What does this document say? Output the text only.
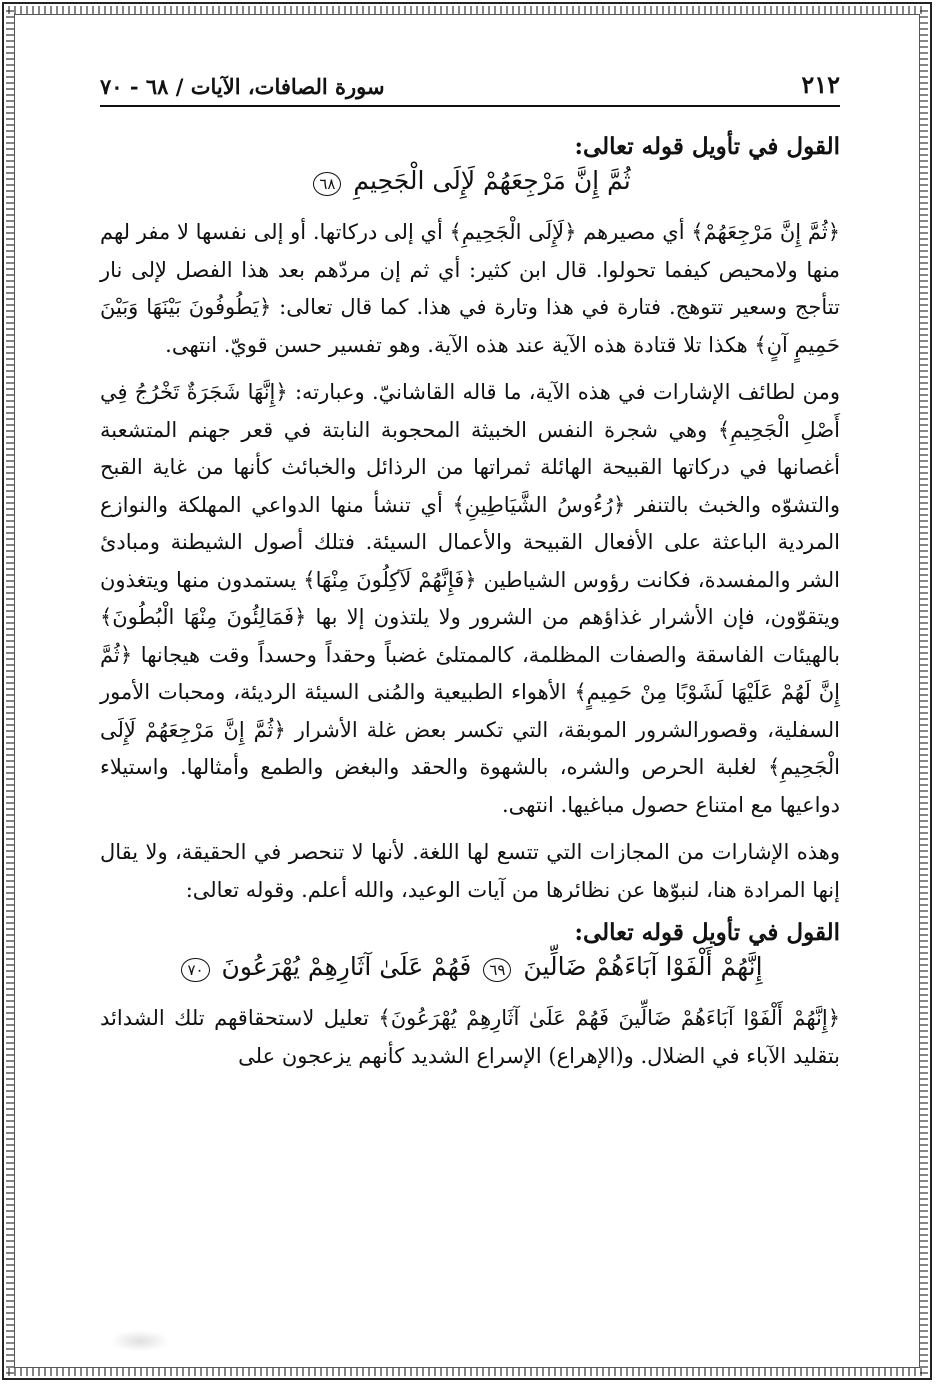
٢١٢
سورة الصافات، الآيات / ٦٨ - ٧٠
القول في تأويل قوله تعالى:
ثُمَّ إِنَّ مَرْجِعَهُمْ لَإِلَى الْجَحِيمِ ٦٨

﴿ثُمَّ إِنَّ مَرْجِعَهُمْ﴾ أي مصيرهم ﴿لَإِلَى الْجَحِيمِ﴾ أي إلى دركاتها. أو إلى نفسها لا مفر لهم منها ولامحيص كيفما تحولوا. قال ابن كثير: أي ثم إن مردّهم بعد هذا الفصل لإلى نار تتأجج وسعير تتوهج. فتارة في هذا وتارة في هذا. كما قال تعالى: ﴿يَطُوفُونَ بَيْنَهَا وَبَيْنَ حَمِيمٍ آنٍ﴾ هكذا تلا قتادة هذه الآية عند هذه الآية. وهو تفسير حسن قويّ. انتهى.

ومن لطائف الإشارات في هذه الآية، ما قاله القاشانيّ. وعبارته: ﴿إِنَّهَا شَجَرَةٌ تَخْرُجُ فِي أَصْلِ الْجَحِيمِ﴾ وهي شجرة النفس الخبيثة المحجوبة النابتة في قعر جهنم المتشعبة أغصانها في دركاتها القبيحة الهائلة ثمراتها من الرذائل والخبائث كأنها من غاية القبح والتشوّه والخبث بالتنفر ﴿رُءُوسُ الشَّيَاطِينِ﴾ أي تنشأ منها الدواعي المهلكة والنوازع المردية الباعثة على الأفعال القبيحة والأعمال السيئة. فتلك أصول الشيطنة ومبادئ الشر والمفسدة، فكانت رؤوس الشياطين ﴿فَإِنَّهُمْ لَآكِلُونَ مِنْهَا﴾ يستمدون منها ويتغذون ويتقوّون، فإن الأشرار غذاؤهم من الشرور ولا يلتذون إلا بها ﴿فَمَالِئُونَ مِنْهَا الْبُطُونَ﴾ بالهيئات الفاسقة والصفات المظلمة، كالممتلئ غضباً وحقداً وحسداً وقت هيجانها ﴿ثُمَّ إِنَّ لَهُمْ عَلَيْهَا لَشَوْبًا مِنْ حَمِيمٍ﴾ الأهواء الطبيعية والمُنى السيئة الرديئة، ومحبات الأمور السفلية، وقصورالشرور الموبقة، التي تكسر بعض غلة الأشرار ﴿ثُمَّ إِنَّ مَرْجِعَهُمْ لَإِلَى الْجَحِيمِ﴾ لغلبة الحرص والشره، بالشهوة والحقد والبغض والطمع وأمثالها. واستيلاء دواعيها مع امتناع حصول مباغيها. انتهى.

وهذه الإشارات من المجازات التي تتسع لها اللغة. لأنها لا تنحصر في الحقيقة، ولا يقال إنها المرادة هنا، لنبوّها عن نظائرها من آيات الوعيد، والله أعلم. وقوله تعالى:

القول في تأويل قوله تعالى:
إِنَّهُمْ أَلْفَوْا آبَاءَهُمْ ضَالِّينَ ٦٩ فَهُمْ عَلَىٰ آثَارِهِمْ يُهْرَعُونَ ٧٠

﴿إِنَّهُمْ أَلْفَوْا آبَاءَهُمْ ضَالِّينَ فَهُمْ عَلَىٰ آثَارِهِمْ يُهْرَعُونَ﴾ تعليل لاستحقاقهم تلك الشدائد بتقليد الآباء في الضلال. و(الإهراع) الإسراع الشديد كأنهم يزعجون على
